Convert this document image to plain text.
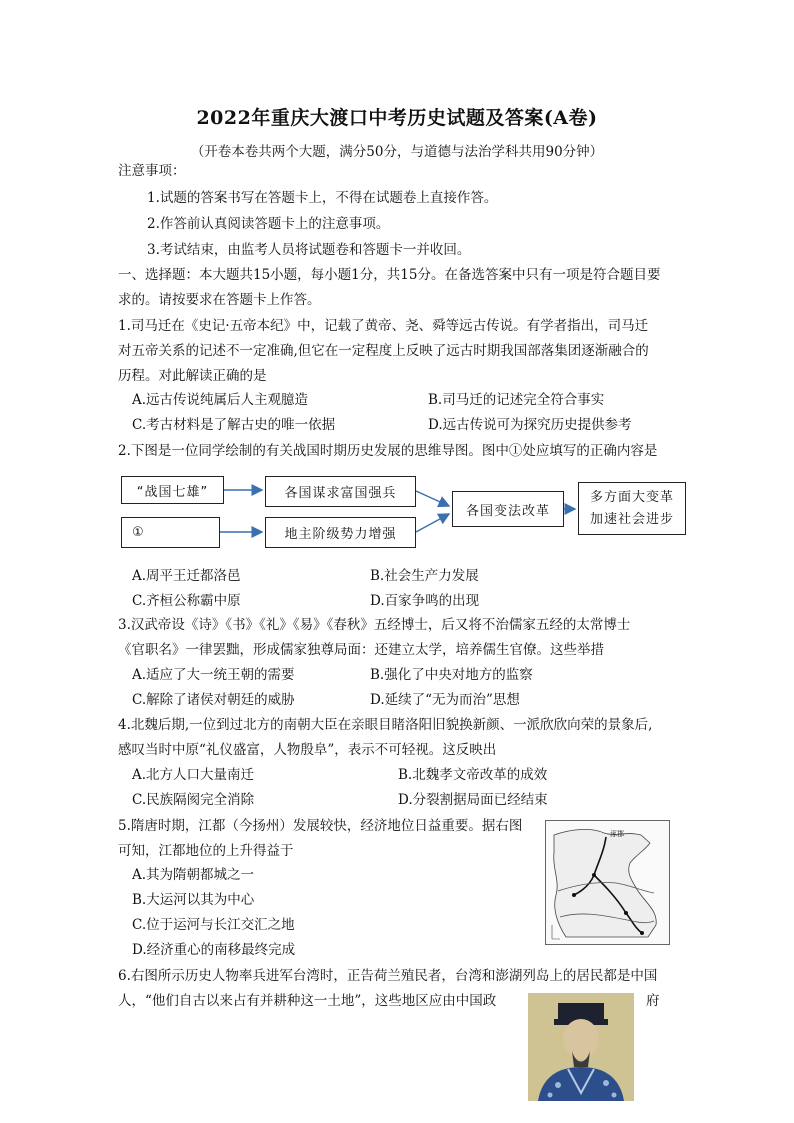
2022年重庆大渡口中考历史试题及答案(A卷)
（开卷本卷共两个大题，满分50分，与道德与法治学科共用90分钟）
注意事项：
1.试题的答案书写在答题卡上，不得在试题卷上直接作答。
2.作答前认真阅读答题卡上的注意事项。
3.考试结束，由监考人员将试题卷和答题卡一并收回。
一、选择题：本大题共15小题，每小题1分，共15分。在备选答案中只有一项是符合题目要
求的。请按要求在答题卡上作答。
1.司马迁在《史记·五帝本纪》中，记载了黄帝、尧、舜等远古传说。有学者指出，司马迁
对五帝关系的记述不一定准确,但它在一定程度上反映了远古时期我国部落集团逐渐融合的
历程。对此解读正确的是
A.远古传说纯属后人主观臆造	B.司马迁的记述完全符合事实
C.考古材料是了解古史的唯一依据	D.远古传说可为探究历史提供参考
2.下图是一位同学绘制的有关战国时期历史发展的思维导图。图中①处应填写的正确内容是
“战国七雄”	各国谋求富国强兵
①	地主阶级势力增强
各国变法改革
多方面大变革
加速社会进步
A.周平王迁都洛邑	B.社会生产力发展
C.齐桓公称霸中原	D.百家争鸣的出现
3.汉武帝设《诗》《书》《礼》《易》《春秋》五经博士，后又将不治儒家五经的太常博士
《官职名》一律罢黜，形成儒家独尊局面：还建立太学，培养儒生官僚。这些举措
A.适应了大一统王朝的需要	B.强化了中央对地方的监察
C.解除了诸侯对朝廷的威胁	D.延续了“无为而治”思想
4.北魏后期,一位到过北方的南朝大臣在亲眼目睹洛阳旧貌换新颜、一派欣欣向荣的景象后,
感叹当时中原“礼仪盛富，人物殷阜”，表示不可轻视。这反映出
A.北方人口大量南迁	B.北魏孝文帝改革的成效
C.民族隔阂完全消除	D.分裂割据局面已经结束
5.隋唐时期，江都（今扬州）发展较快，经济地位日益重要。据右图
可知，江都地位的上升得益于
A.其为隋朝都城之一
B.大运河以其为中心
C.位于运河与长江交汇之地
D.经济重心的南移最终完成
涿郡
6.右图所示历史人物率兵进军台湾时，正告荷兰殖民者，台湾和澎湖列岛上的居民都是中国
人，“他们自古以来占有并耕种这一土地”，这些地区应由中国政	府
